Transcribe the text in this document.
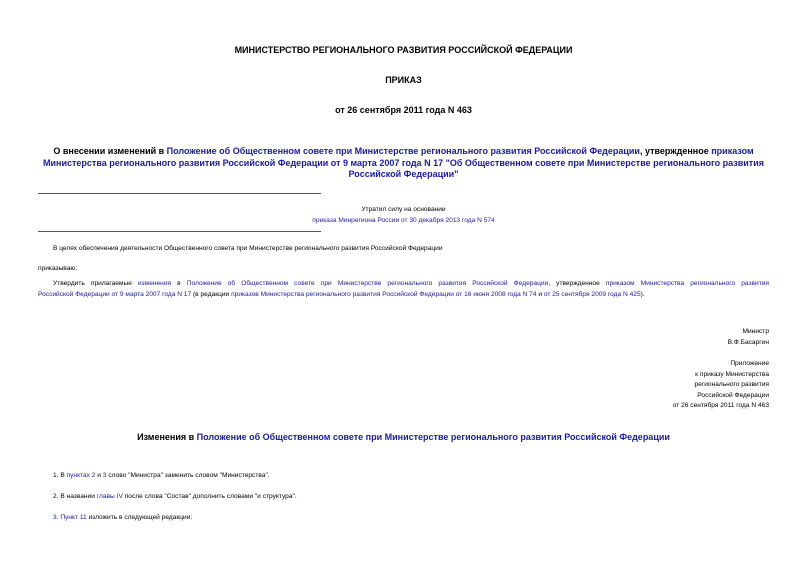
МИНИСТЕРСТВО РЕГИОНАЛЬНОГО РАЗВИТИЯ РОССИЙСКОЙ ФЕДЕРАЦИИ
ПРИКАЗ
от 26 сентября 2011 года N 463
О внесении изменений в Положение об Общественном совете при Министерстве регионального развития Российской Федерации, утвержденное приказом
Министерства регионального развития Российской Федерации от 9 марта 2007 года N 17 "Об Общественном совете при Министерстве регионального развития
Российской Федерации"
Утратил силу на основании
приказа Минрегиона России от 30 декабря 2013 года N 574
В целях обеспечения деятельности Общественного совета при Министерстве регионального развития Российской Федерации
приказываю:
Утвердить прилагаемые изменения в Положение об Общественном совете при Министерстве регионального развития Российской Федерации, утвержденное приказом Министерства регионального развития
Российской Федерации от 9 марта 2007 года N 17 (в редакции приказов Министерства регионального развития Российской Федерации от 16 июня 2008 года N 74 и от 25 сентября 2009 года N 425).
Министр
В.Ф.Басаргин
Приложение
к приказу Министерства
регионального развития
Российской Федерации
от 26 сентября 2011 года N 463
Изменения в Положение об Общественном совете при Министерстве регионального развития Российской Федерации
1. В пунктах 2 и 3 слово "Министра" заменить словом "Министерства".
2. В названии главы IV после слова "Состав" дополнить словами "и структура".
3. Пункт 11 изложить в следующей редакции:
